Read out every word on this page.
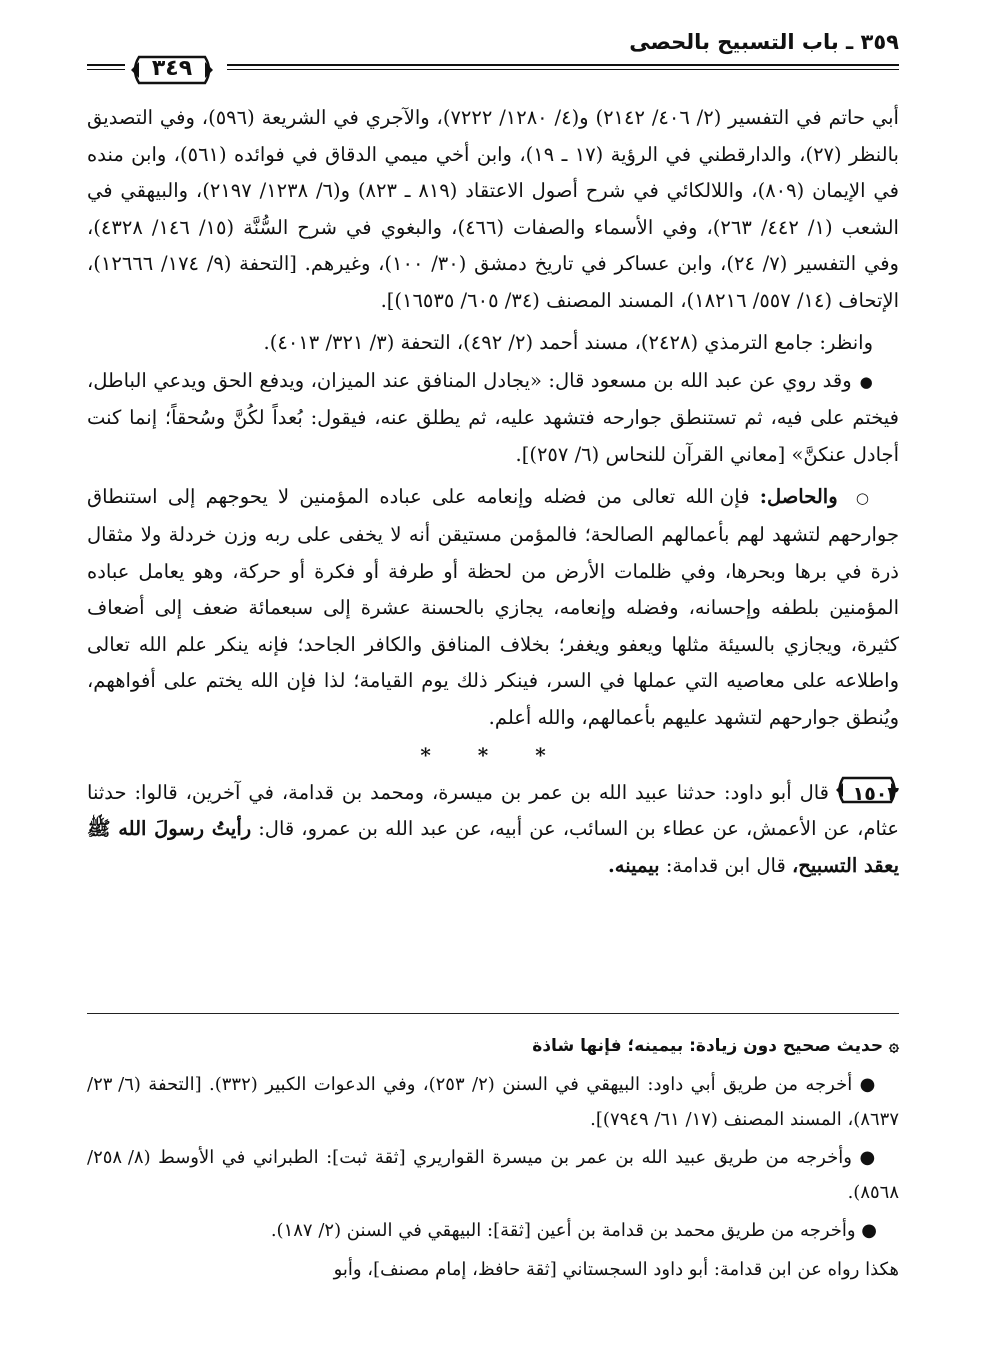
٣٥٩ ـ باب التسبيح بالحصى
٣٤٩

أبي حاتم في التفسير (٢/ ٤٠٦/ ٢١٤٢) و(٤/ ١٢٨٠/ ٧٢٢٢)، والآجري في الشريعة (٥٩٦)، وفي التصديق بالنظر (٢٧)، والدارقطني في الرؤية (١٧ ـ ١٩)، وابن أخي ميمي الدقاق في فوائده (٥٦١)، وابن منده في الإيمان (٨٠٩)، واللالكائي في شرح أصول الاعتقاد (٨١٩ ـ ٨٢٣) و(٦/ ١٢٣٨/ ٢١٩٧)، والبيهقي في الشعب (١/ ٤٤٢/ ٢٦٣)، وفي الأسماء والصفات (٤٦٦)، والبغوي في شرح السُّنَّة (١٥/ ١٤٦/ ٤٣٢٨)، وفي التفسير (٧/ ٢٤)، وابن عساكر في تاريخ دمشق (٣٠/ ١٠٠)، وغيرهم. [التحفة (٩/ ١٧٤/ ١٢٦٦٦)، الإتحاف (١٤/ ٥٥٧/ ١٨٢١٦)، المسند المصنف (٣٤/ ٦٠٥/ ١٦٥٣٥)].

وانظر: جامع الترمذي (٢٤٢٨)، مسند أحمد (٢/ ٤٩٢)، التحفة (٣/ ٣٢١/ ٤٠١٣).

●وقد روي عن عبد الله بن مسعود قال: «يجادل المنافق عند الميزان، ويدفع الحق ويدعي الباطل، فيختم على فيه، ثم تستنطق جوارحه فتشهد عليه، ثم يطلق عنه، فيقول: بُعداً لكُنَّ وسُحقاً؛ إنما كنت أجادل عنكنَّ» [معاني القرآن للنحاس (٦/ ٢٥٧)].

○ والحاصل: فإن الله تعالى من فضله وإنعامه على عباده المؤمنين لا يحوجهم إلى استنطاق جوارحهم لتشهد لهم بأعمالهم الصالحة؛ فالمؤمن مستيقن أنه لا يخفى على ربه وزن خردلة ولا مثقال ذرة في برها وبحرها، وفي ظلمات الأرض من لحظة أو طرفة أو فكرة أو حركة، وهو يعامل عباده المؤمنين بلطفه وإحسانه، وفضله وإنعامه، يجازي بالحسنة عشرة إلى سبعمائة ضعف إلى أضعاف كثيرة، ويجازي بالسيئة مثلها ويعفو ويغفر؛ بخلاف المنافق والكافر الجاحد؛ فإنه ينكر علم الله تعالى واطلاعه على معاصيه التي عملها في السر، فينكر ذلك يوم القيامة؛ لذا فإن الله يختم على أفواههم، ويُنطق جوارحهم لتشهد عليهم بأعمالهم، والله أعلم.

* * *

١٥٠٢
قال أبو داود: حدثنا عبيد الله بن عمر بن ميسرة، ومحمد بن قدامة، في آخرين، قالوا: حدثنا عثام، عن الأعمش، عن عطاء بن السائب، عن أبيه، عن عبد الله بن عمرو، قال: رأيتُ رسولَ الله ﷺ يعقد التسبيح، قال ابن قدامة: بيمينه.

۞ حديث صحيح دون زيادة: بيمينه؛ فإنها شاذة

● أخرجه من طريق أبي داود: البيهقي في السنن (٢/ ٢٥٣)، وفي الدعوات الكبير (٣٣٢). [التحفة (٦/ ٢٣/ ٨٦٣٧)، المسند المصنف (١٧/ ٦١/ ٧٩٤٩)].

● وأخرجه من طريق عبيد الله بن عمر بن ميسرة القواريري [ثقة ثبت]: الطبراني في الأوسط (٨/ ٢٥٨/ ٨٥٦٨).

● وأخرجه من طريق محمد بن قدامة بن أعين [ثقة]: البيهقي في السنن (٢/ ١٨٧).

هكذا رواه عن ابن قدامة: أبو داود السجستاني [ثقة حافظ، إمام مصنف]، وأبو
